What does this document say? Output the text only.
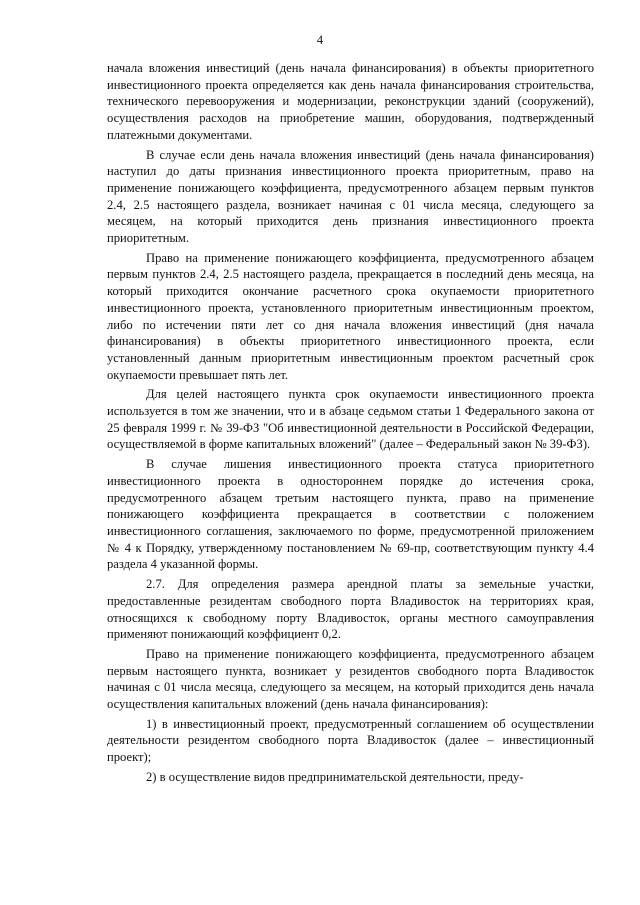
4

начала вложения инвестиций (день начала финансирования) в объекты приоритетного инвестиционного проекта определяется как день начала финансирования строительства, технического перевооружения и модернизации, реконструкции зданий (сооружений), осуществления расходов на приобретение машин, оборудования, подтвержденный платежными документами.

В случае если день начала вложения инвестиций (день начала финансирования) наступил до даты признания инвестиционного проекта приоритетным, право на применение понижающего коэффициента, предусмотренного абзацем первым пунктов 2.4, 2.5 настоящего раздела, возникает начиная с 01 числа месяца, следующего за месяцем, на который приходится день признания инвестиционного проекта приоритетным.

Право на применение понижающего коэффициента, предусмотренного абзацем первым пунктов 2.4, 2.5 настоящего раздела, прекращается в последний день месяца, на который приходится окончание расчетного срока окупаемости приоритетного инвестиционного проекта, установленного приоритетным инвестиционным проектом, либо по истечении пяти лет со дня начала вложения инвестиций (дня начала финансирования) в объекты приоритетного инвестиционного проекта, если установленный данным приоритетным инвестиционным проектом расчетный срок окупаемости превышает пять лет.

Для целей настоящего пункта срок окупаемости инвестиционного проекта используется в том же значении, что и в абзаце седьмом статьи 1 Федерального закона от 25 февраля 1999 г. № 39-ФЗ "Об инвестиционной деятельности в Российской Федерации, осуществляемой в форме капитальных вложений" (далее – Федеральный закон № 39-ФЗ).

В случае лишения инвестиционного проекта статуса приоритетного инвестиционного проекта в одностороннем порядке до истечения срока, предусмотренного абзацем третьим настоящего пункта, право на применение понижающего коэффициента прекращается в соответствии с положением инвестиционного соглашения, заключаемого по форме, предусмотренной приложением № 4 к Порядку, утвержденному постановлением № 69-пр, соответствующим пункту 4.4 раздела 4 указанной формы.

2.7. Для определения размера арендной платы за земельные участки, предоставленные резидентам свободного порта Владивосток на территориях края, относящихся к свободному порту Владивосток, органы местного самоуправления применяют понижающий коэффициент 0,2.

Право на применение понижающего коэффициента, предусмотренного абзацем первым настоящего пункта, возникает у резидентов свободного порта Владивосток начиная с 01 числа месяца, следующего за месяцем, на который приходится день начала осуществления капитальных вложений (день начала финансирования):

1) в инвестиционный проект, предусмотренный соглашением об осуществлении деятельности резидентом свободного порта Владивосток (далее – инвестиционный проект);

2) в осуществление видов предпринимательской деятельности, преду-
